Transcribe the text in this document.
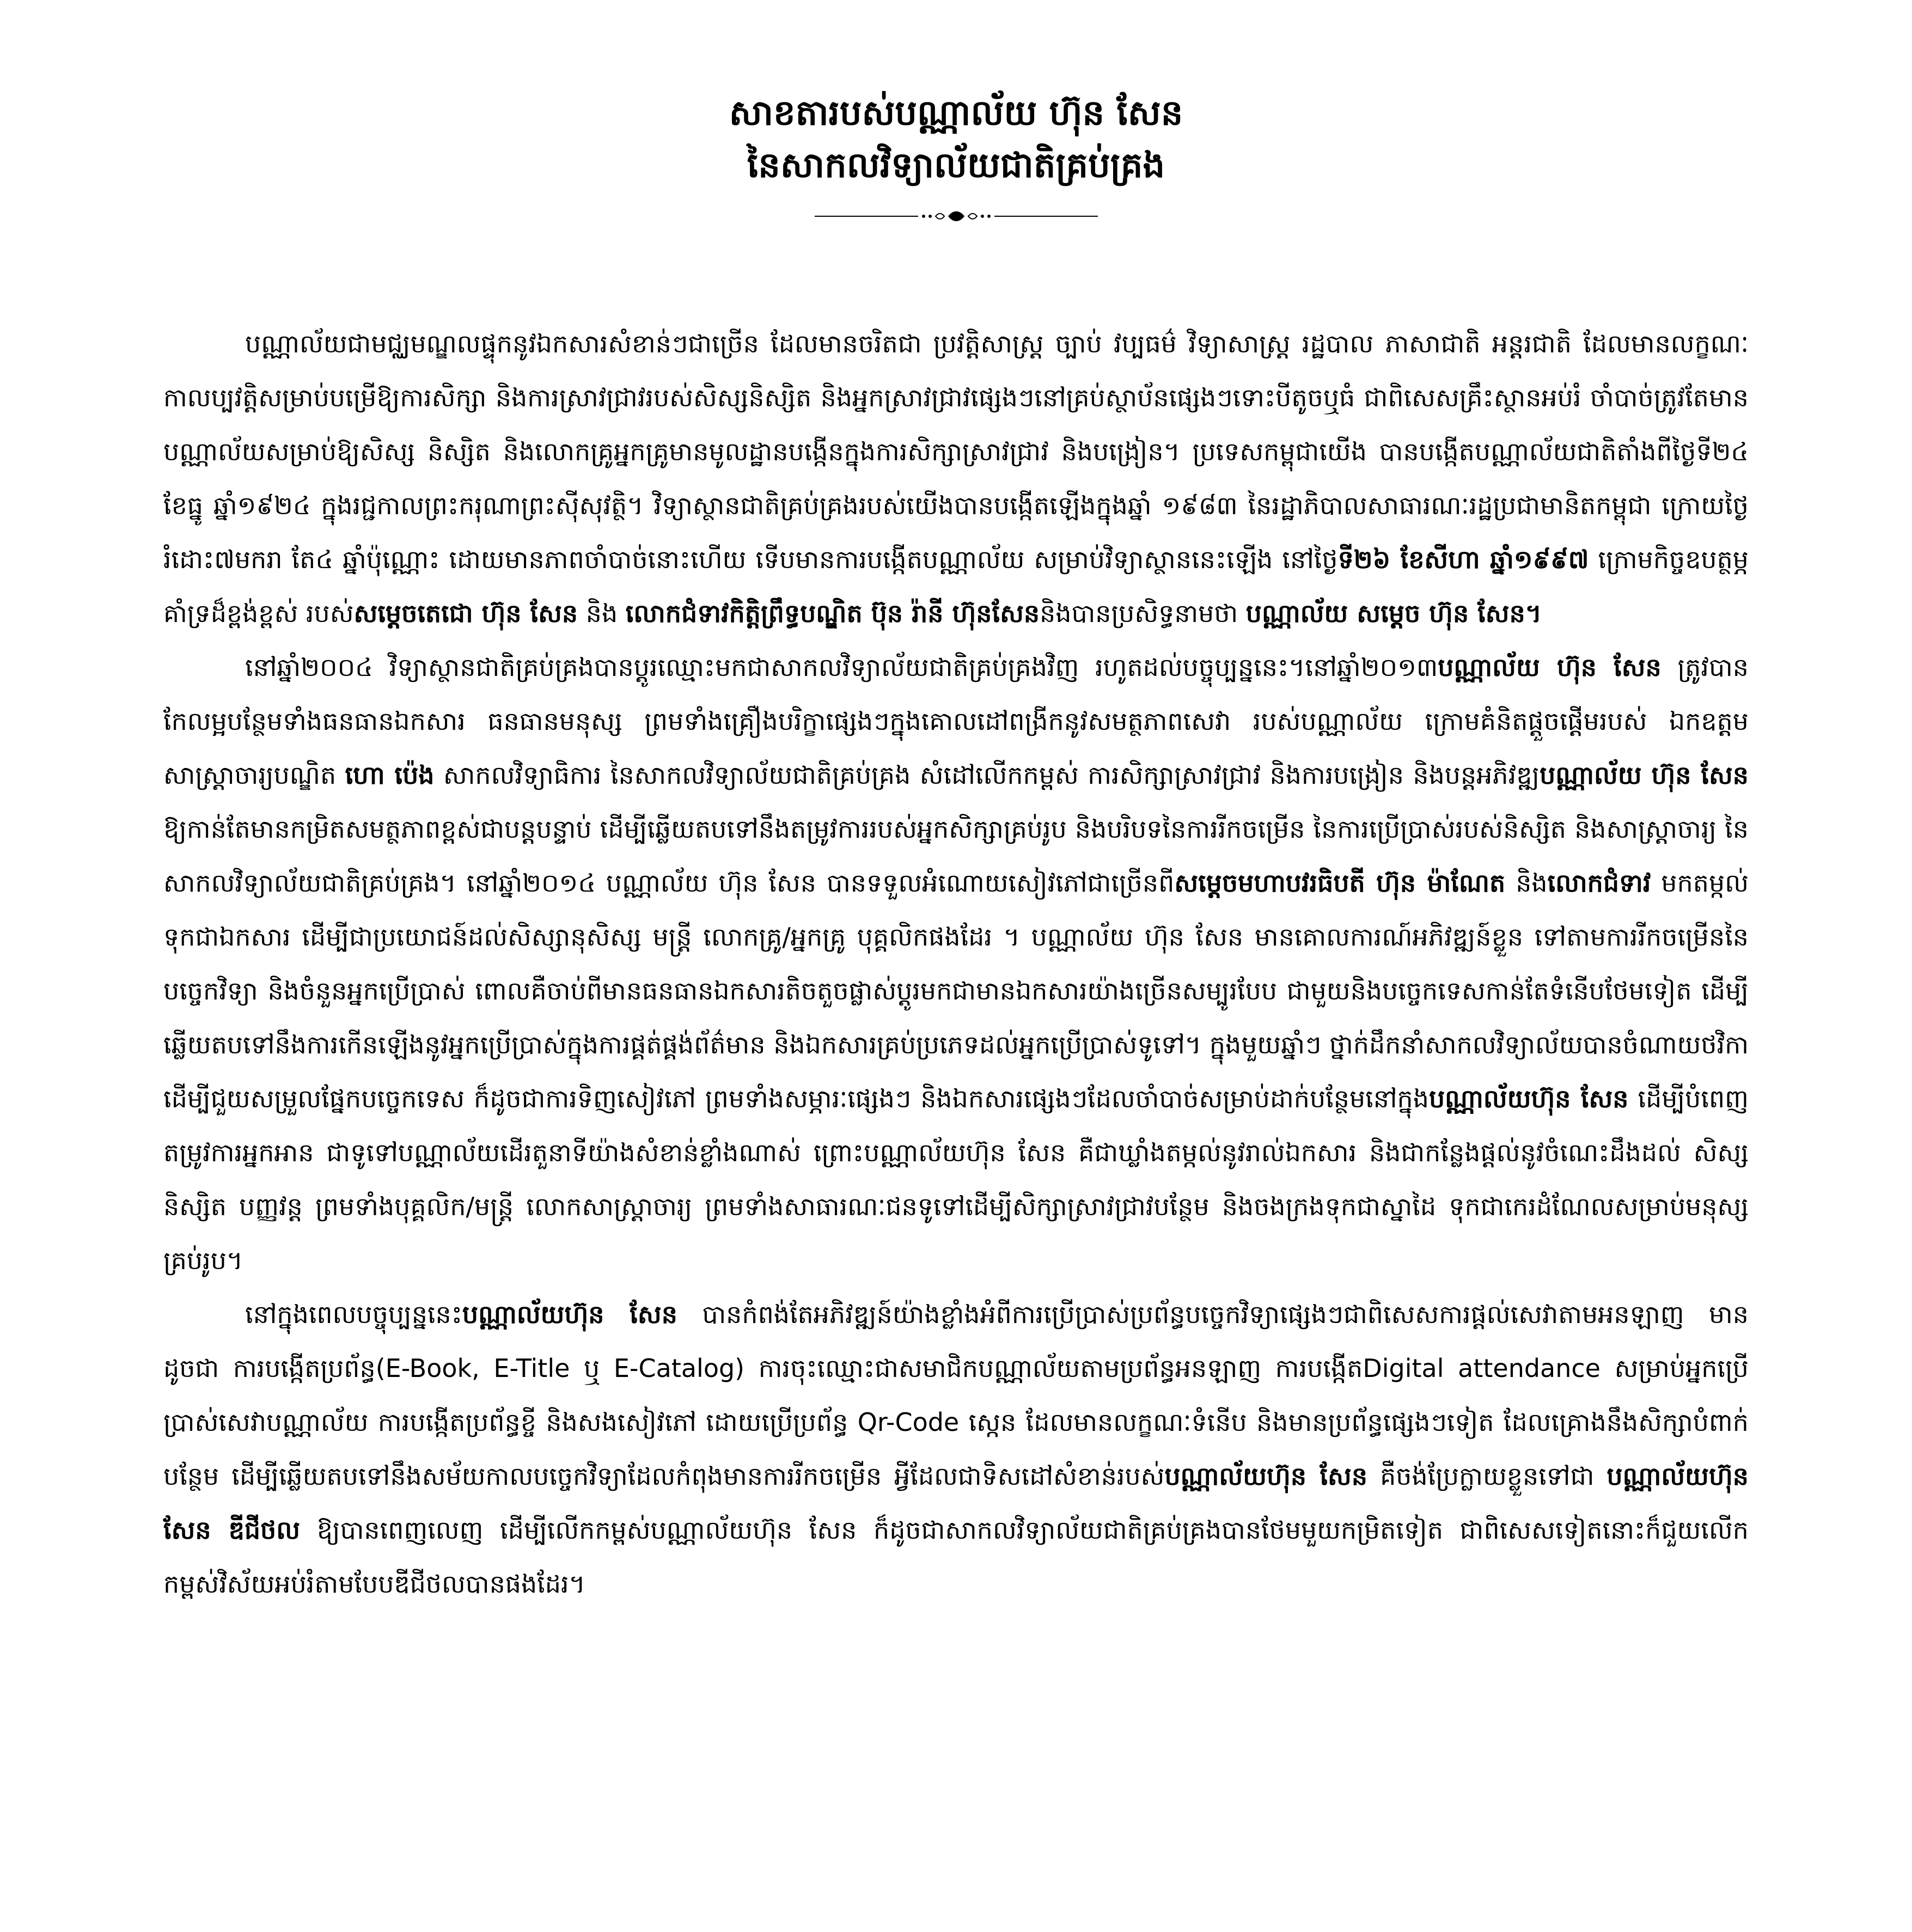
សាខតារបស់បណ្ណាល័យ ហ៊ុន សែន
នៃសាកលវិទ្យាល័យជាតិគ្រប់គ្រង

បណ្ណាល័យជាមជ្ឈមណ្ឌលផ្ទុកនូវឯកសារសំខាន់ៗជាច្រើន ដែលមានចរិតជា ប្រវត្តិសាស្ត្រ ច្បាប់ វប្បធម៌ វិទ្យាសាស្ត្រ រដ្ឋបាល ភាសាជាតិ អន្តរជាតិ ដែលមានលក្ខណៈកាលប្បវត្តិសម្រាប់បម្រើឱ្យការសិក្សា និងការស្រាវជ្រាវរបស់សិស្សនិស្សិត និងអ្នកស្រាវជ្រាវផ្សេងៗនៅគ្រប់ស្ថាប័នផ្សេងៗទោះបីតូចឬធំ ជាពិសេសគ្រឹះស្ថានអប់រំ ចាំបាច់ត្រូវតែមានបណ្ណាល័យសម្រាប់ឱ្យសិស្ស និស្សិត និងលោកគ្រូអ្នកគ្រូមានមូលដ្ឋានបង្កើនក្នុងការសិក្សាស្រាវជ្រាវ និងបង្រៀន។ ប្រទេសកម្ពុជាយើង បានបង្កើតបណ្ណាល័យជាតិតាំងពីថ្ងៃទី២៤ ខែធ្នូ ឆ្នាំ១៩២៤ ក្នុងរជ្ជកាលព្រះករុណាព្រះស៊ីសុវត្ថិ។ វិទ្យាស្ថានជាតិគ្រប់គ្រងរបស់យើងបានបង្កើតឡើងក្នុងឆ្នាំ ១៩៨៣ នៃរដ្ឋាភិបាលសាធារណៈរដ្ឋប្រជាមានិតកម្ពុជា ក្រោយថ្ងៃរំដោះ៧មករា តែ៤ ឆ្នាំប៉ុណ្ណោះ ដោយមានភាពចាំបាច់នោះហើយ ទើបមានការបង្កើតបណ្ណាល័យ សម្រាប់វិទ្យាស្ថាននេះឡើង នៅថ្ងៃទី២៦ ខែសីហា ឆ្នាំ១៩៩៧ ក្រោមកិច្ចឧបត្ថម្ភគាំទ្រដ៏ខ្ពង់ខ្ពស់ របស់សម្តេចតេជោ ហ៊ុន សែន និង លោកជំទាវកិត្តិព្រឹទ្ធបណ្ឌិត ប៊ុន រ៉ានី ហ៊ុនសែននិងបានប្រសិទ្ធនាមថា បណ្ណាល័យ សម្តេច ហ៊ុន សែន។

នៅឆ្នាំ២០០៤ វិទ្យាស្ថានជាតិគ្រប់គ្រងបានប្តូរឈ្មោះមកជាសាកលវិទ្យាល័យជាតិគ្រប់គ្រងវិញ រហូតដល់បច្ចុប្បន្ននេះ។នៅឆ្នាំ២០១៣បណ្ណាល័យ ហ៊ុន សែន ត្រូវបានកែលម្អបន្ថែមទាំងធនធានឯកសារ ធនធានមនុស្ស ព្រមទាំងគ្រឿងបរិក្ខាផ្សេងៗក្នុងគោលដៅពង្រីកនូវសមត្ថភាពសេវា របស់បណ្ណាល័យ ក្រោមគំនិតផ្តួចផ្តើមរបស់ ឯកឧត្តមសាស្ត្រាចារ្យបណ្ឌិត ហោ ប៉េង សាកលវិទ្យាធិការ នៃសាកលវិទ្យាល័យជាតិគ្រប់គ្រង សំដៅលើកកម្ពស់ ការសិក្សាស្រាវជ្រាវ និងការបង្រៀន និងបន្តអភិវឌ្ឍបណ្ណាល័យ ហ៊ុន សែន ឱ្យកាន់តែមានកម្រិតសមត្ថភាពខ្ពស់ជាបន្តបន្ទាប់ ដើម្បីឆ្លើយតបទៅនឹងតម្រូវការរបស់អ្នកសិក្សាគ្រប់រូប និងបរិបទនៃការរីកចម្រើន នៃការប្រើប្រាស់របស់និស្សិត និងសាស្ត្រាចារ្យ នៃសាកលវិទ្យាល័យជាតិគ្រប់គ្រង។ នៅឆ្នាំ២០១៤ បណ្ណាល័យ ហ៊ុន សែន បានទទួលអំណោយសៀវភៅជាច្រើនពីសម្តេចមហាបវរធិបតី ហ៊ុន ម៉ាណែត និងលោកជំទាវ មកតម្កល់ទុកជាឯកសារ ដើម្បីជាប្រយោជន៍ដល់សិស្សានុសិស្ស មន្ត្រី លោកគ្រូ/អ្នកគ្រូ បុគ្គលិកផងដែរ ។ បណ្ណាល័យ ហ៊ុន សែន មានគោលការណ៍អភិវឌ្ឍន៍ខ្លួន ទៅតាមការរីកចម្រើននៃបច្ចេកវិទ្យា និងចំនួនអ្នកប្រើប្រាស់ ពោលគឺចាប់ពីមានធនធានឯកសារតិចតួចផ្លាស់ប្តូរមកជាមានឯកសារយ៉ាងច្រើនសម្បូរបែប ជាមួយនិងបច្ចេកទេសកាន់តែទំនើបថែមទៀត ដើម្បីឆ្លើយតបទៅនឹងការកើនឡើងនូវអ្នកប្រើប្រាស់ក្នុងការផ្គត់ផ្គង់ព័ត៌មាន និងឯកសារគ្រប់ប្រភេទដល់អ្នកប្រើប្រាស់ទូទៅ។ ក្នុងមួយឆ្នាំៗ ថ្នាក់ដឹកនាំសាកលវិទ្យាល័យបានចំណាយថវិកាដើម្បីជួយសម្រួលផ្នែកបច្ចេកទេស ក៏ដូចជាការទិញសៀវភៅ ព្រមទាំងសម្ភារៈផ្សេងៗ និងឯកសារផ្សេងៗដែលចាំបាច់សម្រាប់ដាក់បន្ថែមនៅក្នុងបណ្ណាល័យហ៊ុន សែន ដើម្បីបំពេញតម្រូវការអ្នកអាន ជាទូទៅបណ្ណាល័យដើរតួនាទីយ៉ាងសំខាន់ខ្លាំងណាស់ ព្រោះបណ្ណាល័យហ៊ុន សែន គឺជាឃ្លាំងតម្កល់នូវរាល់ឯកសារ និងជាកន្លែងផ្តល់នូវចំណេះដឹងដល់ សិស្ស និស្សិត បញ្ញវន្ត ព្រមទាំងបុគ្គលិក/មន្ត្រី លោកសាស្ត្រាចារ្យ ព្រមទាំងសាធារណៈជនទូទៅដើម្បីសិក្សាស្រាវជ្រាវបន្ថែម និងចងក្រងទុកជាស្នាដៃ ទុកជាកេរដំណែលសម្រាប់មនុស្សគ្រប់រូប។

នៅក្នុងពេលបច្ចុប្បន្ននេះបណ្ណាល័យហ៊ុន សែន បានកំពង់តែអភិវឌ្ឍន៍យ៉ាងខ្លាំងអំពីការប្រើប្រាស់ប្រព័ន្ធបច្ចេកវិទ្យាផ្សេងៗជាពិសេសការផ្តល់សេវាតាមអនឡាញ មានដូចជា ការបង្កើតប្រព័ន្ធ(E-Book, E-Title ឬ E-Catalog) ការចុះឈ្មោះជាសមាជិកបណ្ណាល័យតាមប្រព័ន្ធអនឡាញ ការបង្កើតDigital attendance សម្រាប់អ្នកប្រើប្រាស់សេវាបណ្ណាល័យ ការបង្កើតប្រព័ន្ធខ្ចី និងសងសៀវភៅ ដោយប្រើប្រព័ន្ធ Qr-Code ស្កេន ដែលមានលក្ខណៈទំនើប និងមានប្រព័ន្ធផ្សេងៗទៀត ដែលគ្រោងនឹងសិក្សាបំពាក់បន្ថែម ដើម្បីឆ្លើយតបទៅនឹងសម័យកាលបច្ចេកវិទ្យាដែលកំពុងមានការរីកចម្រើន អ្វីដែលជាទិសដៅសំខាន់របស់បណ្ណាល័យហ៊ុន សែន គឺចង់ប្រែក្លាយខ្លួនទៅជា បណ្ណាល័យហ៊ុន សែន ឌីជីថល ឱ្យបានពេញលេញ ដើម្បីលើកកម្ពស់បណ្ណាល័យហ៊ុន សែន ក៏ដូចជាសាកលវិទ្យាល័យជាតិគ្រប់គ្រងបានថែមមួយកម្រិតទៀត ជាពិសេសទៀតនោះក៏ជួយលើកកម្ពស់វិស័យអប់រំតាមបែបឌីជីថលបានផងដែរ។
